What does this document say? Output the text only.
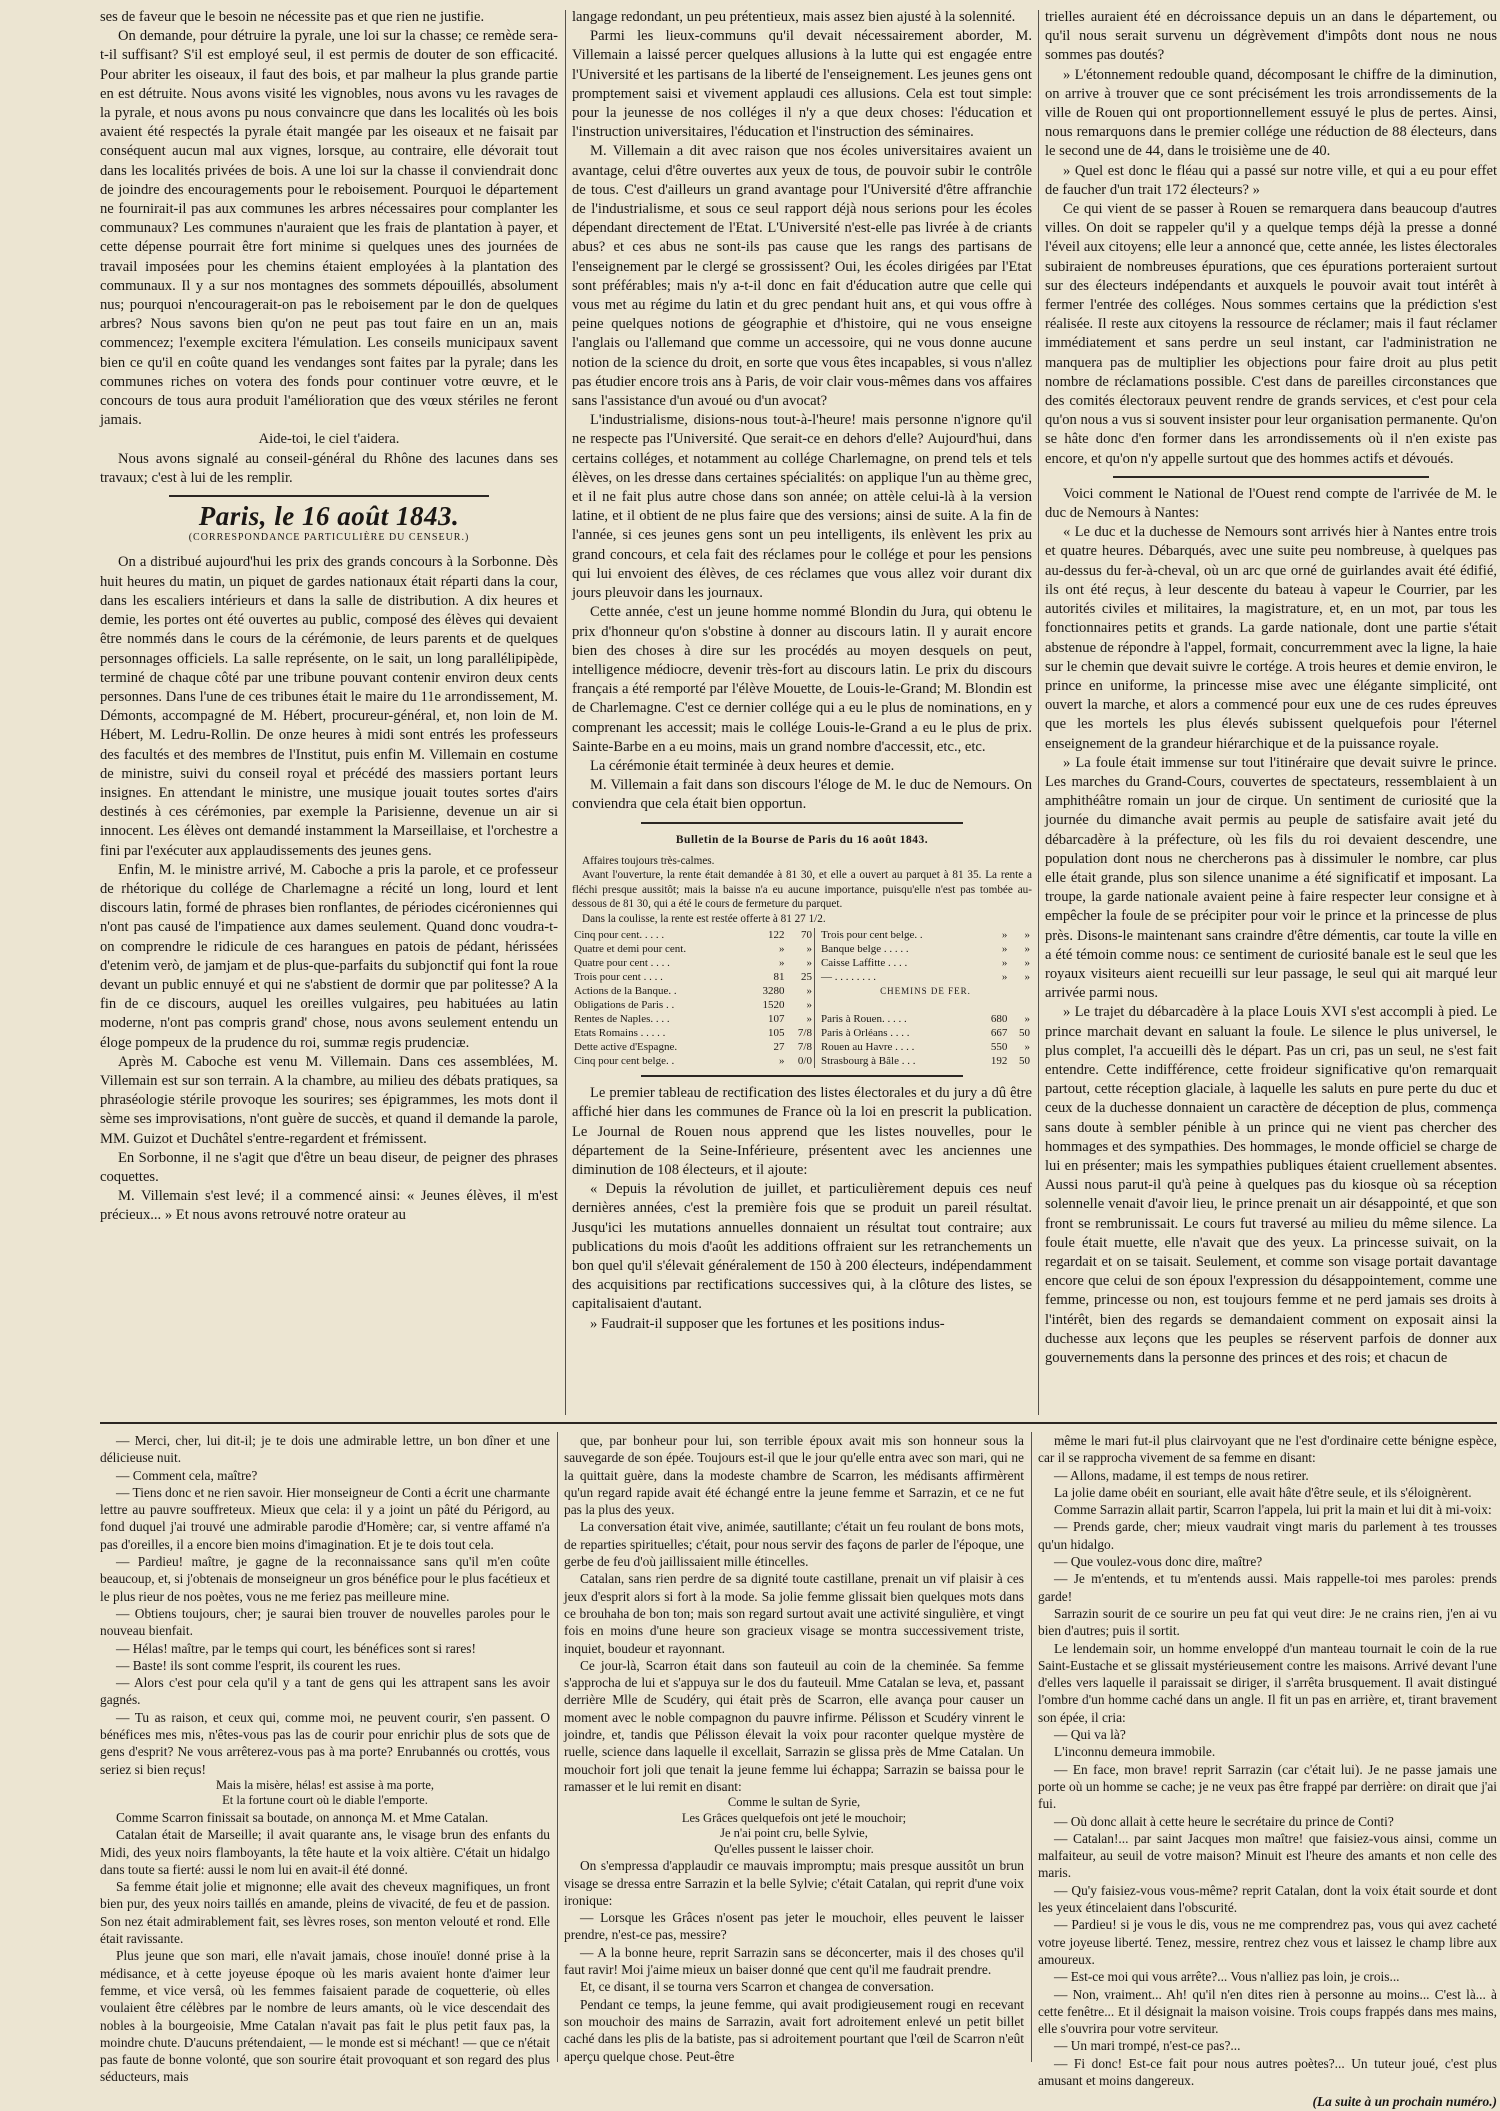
ses de faveur que le besoin ne nécessite pas et que rien ne justifie.

On demande, pour détruire la pyrale, une loi sur la chasse; ce remède sera-t-il suffisant? S'il est employé seul, il est permis de douter de son efficacité. Pour abriter les oiseaux, il faut des bois, et par malheur la plus grande partie en est détruite. Nous avons visité les vignobles, nous avons vu les ravages de la pyrale, et nous avons pu nous convaincre que dans les localités où les bois avaient été respectés la pyrale était mangée par les oiseaux et ne faisait par conséquent aucun mal aux vignes, lorsque, au contraire, elle dévorait tout dans les localités privées de bois. A une loi sur la chasse il conviendrait donc de joindre des encouragements pour le reboisement. Pourquoi le département ne fournirait-il pas aux communes les arbres nécessaires pour complanter les communaux? Les communes n'auraient que les frais de plantation à payer, et cette dépense pourrait être fort minime si quelques unes des journées de travail imposées pour les chemins étaient employées à la plantation des communaux. Il y a sur nos montagnes des sommets dépouillés, absolument nus; pourquoi n'encouragerait-on pas le reboisement par le don de quelques arbres? Nous savons bien qu'on ne peut pas tout faire en un an, mais commencez; l'exemple excitera l'émulation. Les conseils municipaux savent bien ce qu'il en coûte quand les vendanges sont faites par la pyrale; dans les communes riches on votera des fonds pour continuer votre œuvre, et le concours de tous aura produit l'amélioration que des vœux stériles ne feront jamais.

Aide-toi, le ciel t'aidera.

Nous avons signalé au conseil-général du Rhône des lacunes dans ses travaux; c'est à lui de les remplir.

Paris, le 16 août 1843.
(CORRESPONDANCE PARTICULIÈRE DU CENSEUR.)

On a distribué aujourd'hui les prix des grands concours à la Sorbonne. Dès huit heures du matin, un piquet de gardes nationaux était réparti dans la cour, dans les escaliers intérieurs et dans la salle de distribution. A dix heures et demie, les portes ont été ouvertes au public, composé des élèves qui devaient être nommés dans le cours de la cérémonie, de leurs parents et de quelques personnages officiels. La salle représente, on le sait, un long parallélipipède, terminé de chaque côté par une tribune pouvant contenir environ deux cents personnes. Dans l'une de ces tribunes était le maire du 11e arrondissement, M. Démonts, accompagné de M. Hébert, procureur-général, et, non loin de M. Hébert, M. Ledru-Rollin. De onze heures à midi sont entrés les professeurs des facultés et des membres de l'Institut, puis enfin M. Villemain en costume de ministre, suivi du conseil royal et précédé des massiers portant leurs insignes. En attendant le ministre, une musique jouait toutes sortes d'airs destinés à ces cérémonies, par exemple la Parisienne, devenue un air si innocent. Les élèves ont demandé instamment la Marseillaise, et l'orchestre a fini par l'exécuter aux applaudissements des jeunes gens.

Enfin, M. le ministre arrivé, M. Caboche a pris la parole, et ce professeur de rhétorique du collége de Charlemagne a récité un long, lourd et lent discours latin, formé de phrases bien ronflantes, de périodes cicéroniennes qui n'ont pas causé de l'impatience aux dames seulement. Quand donc voudra-t-on comprendre le ridicule de ces harangues en patois de pédant, hérissées d'etenim verò, de jamjam et de plus-que-parfaits du subjonctif qui font la roue devant un public ennuyé et qui ne s'abstient de dormir que par politesse? A la fin de ce discours, auquel les oreilles vulgaires, peu habituées au latin moderne, n'ont pas compris grand' chose, nous avons seulement entendu un éloge pompeux de la prudence du roi, summæ regis prudenciæ.

Après M. Caboche est venu M. Villemain. Dans ces assemblées, M. Villemain est sur son terrain. A la chambre, au milieu des débats pratiques, sa phraséologie stérile provoque les sourires; ses épigrammes, les mots dont il sème ses improvisations, n'ont guère de succès, et quand il demande la parole, MM. Guizot et Duchâtel s'entre-regardent et frémissent.

En Sorbonne, il ne s'agit que d'être un beau diseur, de peigner des phrases coquettes.

M. Villemain s'est levé; il a commencé ainsi: « Jeunes élèves, il m'est précieux... » Et nous avons retrouvé notre orateur au

langage redondant, un peu prétentieux, mais assez bien ajusté à la solennité.

Parmi les lieux-communs qu'il devait nécessairement aborder, M. Villemain a laissé percer quelques allusions à la lutte qui est engagée entre l'Université et les partisans de la liberté de l'enseignement. Les jeunes gens ont promptement saisi et vivement applaudi ces allusions. Cela est tout simple: pour la jeunesse de nos colléges il n'y a que deux choses: l'éducation et l'instruction universitaires, l'éducation et l'instruction des séminaires.

M. Villemain a dit avec raison que nos écoles universitaires avaient un avantage, celui d'être ouvertes aux yeux de tous, de pouvoir subir le contrôle de tous. C'est d'ailleurs un grand avantage pour l'Université d'être affranchie de l'industrialisme, et sous ce seul rapport déjà nous serions pour les écoles dépendant directement de l'Etat. L'Université n'est-elle pas livrée à de criants abus? et ces abus ne sont-ils pas cause que les rangs des partisans de l'enseignement par le clergé se grossissent? Oui, les écoles dirigées par l'Etat sont préférables; mais n'y a-t-il donc en fait d'éducation autre que celle qui vous met au régime du latin et du grec pendant huit ans, et qui vous offre à peine quelques notions de géographie et d'histoire, qui ne vous enseigne l'anglais ou l'allemand que comme un accessoire, qui ne vous donne aucune notion de la science du droit, en sorte que vous êtes incapables, si vous n'allez pas étudier encore trois ans à Paris, de voir clair vous-mêmes dans vos affaires sans l'assistance d'un avoué ou d'un avocat?

L'industrialisme, disions-nous tout-à-l'heure! mais personne n'ignore qu'il ne respecte pas l'Université. Que serait-ce en dehors d'elle? Aujourd'hui, dans certains colléges, et notamment au collége Charlemagne, on prend tels et tels élèves, on les dresse dans certaines spécialités: on applique l'un au thème grec, et il ne fait plus autre chose dans son année; on attèle celui-là à la version latine, et il obtient de ne plus faire que des versions; ainsi de suite. A la fin de l'année, si ces jeunes gens sont un peu intelligents, ils enlèvent les prix au grand concours, et cela fait des réclames pour le collége et pour les pensions qui lui envoient des élèves, de ces réclames que vous allez voir durant dix jours pleuvoir dans les journaux.

Cette année, c'est un jeune homme nommé Blondin du Jura, qui obtenu le prix d'honneur qu'on s'obstine à donner au discours latin. Il y aurait encore bien des choses à dire sur les procédés au moyen desquels on peut, intelligence médiocre, devenir très-fort au discours latin. Le prix du discours français a été remporté par l'élève Mouette, de Louis-le-Grand; M. Blondin est de Charlemagne. C'est ce dernier collége qui a eu le plus de nominations, en y comprenant les accessit; mais le collége Louis-le-Grand a eu le plus de prix. Sainte-Barbe en a eu moins, mais un grand nombre d'accessit, etc., etc.

La cérémonie était terminée à deux heures et demie.

M. Villemain a fait dans son discours l'éloge de M. le duc de Nemours. On conviendra que cela était bien opportun.

Bulletin de la Bourse de Paris du 16 août 1843.

Affaires toujours très-calmes.

Avant l'ouverture, la rente était demandée à 81 30, et elle a ouvert au parquet à 81 35. La rente a fléchi presque aussitôt; mais la baisse n'a eu aucune importance, puisqu'elle n'est pas tombée au-dessous de 81 30, qui a été le cours de fermeture du parquet.

Dans la coulisse, la rente est restée offerte à 81 27 1/2.

Cinq pour cent. . . . .	122	70		Trois pour cent belge. .	»	»
Quatre et demi pour cent.	»	»		Banque belge . . . . .	»	»
Quatre pour cent . . . .	»	»		Caisse Laffitte . . . .	»	»
Trois pour cent . . . .	81	25		— . . . . . . . .	»	»
Actions de la Banque. .	3280	»		CHEMINS DE FER.		
Obligations de Paris . .	1520	»				
Rentes de Naples. . . .	107	»		Paris à Rouen. . . . .	680	»
Etats Romains . . . . .	105	7/8		Paris à Orléans . . . .	667	50
Dette active d'Espagne.	27	7/8		Rouen au Havre . . . .	550	»
Cinq pour cent belge. .	»	0/0		Strasbourg à Bâle . . .	192	50

Le premier tableau de rectification des listes électorales et du jury a dû être affiché hier dans les communes de France où la loi en prescrit la publication. Le Journal de Rouen nous apprend que les listes nouvelles, pour le département de la Seine-Inférieure, présentent avec les anciennes une diminution de 108 électeurs, et il ajoute:

« Depuis la révolution de juillet, et particulièrement depuis ces neuf dernières années, c'est la première fois que se produit un pareil résultat. Jusqu'ici les mutations annuelles donnaient un résultat tout contraire; aux publications du mois d'août les additions offraient sur les retranchements un bon quel qu'il s'élevait généralement de 150 à 200 électeurs, indépendamment des acquisitions par rectifications successives qui, à la clôture des listes, se capitalisaient d'autant.

» Faudrait-il supposer que les fortunes et les positions indus-

trielles auraient été en décroissance depuis un an dans le département, ou qu'il nous serait survenu un dégrèvement d'impôts dont nous ne nous sommes pas doutés?

» L'étonnement redouble quand, décomposant le chiffre de la diminution, on arrive à trouver que ce sont précisément les trois arrondissements de la ville de Rouen qui ont proportionnellement essuyé le plus de pertes. Ainsi, nous remarquons dans le premier collége une réduction de 88 électeurs, dans le second une de 44, dans le troisième une de 40.

» Quel est donc le fléau qui a passé sur notre ville, et qui a eu pour effet de faucher d'un trait 172 électeurs? »

Ce qui vient de se passer à Rouen se remarquera dans beaucoup d'autres villes. On doit se rappeler qu'il y a quelque temps déjà la presse a donné l'éveil aux citoyens; elle leur a annoncé que, cette année, les listes électorales subiraient de nombreuses épurations, que ces épurations porteraient surtout sur des électeurs indépendants et auxquels le pouvoir avait tout intérêt à fermer l'entrée des colléges. Nous sommes certains que la prédiction s'est réalisée. Il reste aux citoyens la ressource de réclamer; mais il faut réclamer immédiatement et sans perdre un seul instant, car l'administration ne manquera pas de multiplier les objections pour faire droit au plus petit nombre de réclamations possible. C'est dans de pareilles circonstances que des comités électoraux peuvent rendre de grands services, et c'est pour cela qu'on nous a vus si souvent insister pour leur organisation permanente. Qu'on se hâte donc d'en former dans les arrondissements où il n'en existe pas encore, et qu'on n'y appelle surtout que des hommes actifs et dévoués.

Voici comment le National de l'Ouest rend compte de l'arrivée de M. le duc de Nemours à Nantes:

« Le duc et la duchesse de Nemours sont arrivés hier à Nantes entre trois et quatre heures. Débarqués, avec une suite peu nombreuse, à quelques pas au-dessus du fer-à-cheval, où un arc que orné de guirlandes avait été édifié, ils ont été reçus, à leur descente du bateau à vapeur le Courrier, par les autorités civiles et militaires, la magistrature, et, en un mot, par tous les fonctionnaires petits et grands. La garde nationale, dont une partie s'était abstenue de répondre à l'appel, formait, concurremment avec la ligne, la haie sur le chemin que devait suivre le cortége. A trois heures et demie environ, le prince en uniforme, la princesse mise avec une élégante simplicité, ont ouvert la marche, et alors a commencé pour eux une de ces rudes épreuves que les mortels les plus élevés subissent quelquefois pour l'éternel enseignement de la grandeur hiérarchique et de la puissance royale.

» La foule était immense sur tout l'itinéraire que devait suivre le prince. Les marches du Grand-Cours, couvertes de spectateurs, ressemblaient à un amphithéâtre romain un jour de cirque. Un sentiment de curiosité que la journée du dimanche avait permis au peuple de satisfaire avait jeté du débarcadère à la préfecture, où les fils du roi devaient descendre, une population dont nous ne chercherons pas à dissimuler le nombre, car plus elle était grande, plus son silence unanime a été significatif et imposant. La troupe, la garde nationale avaient peine à faire respecter leur consigne et à empêcher la foule de se précipiter pour voir le prince et la princesse de plus près. Disons-le maintenant sans craindre d'être démentis, car toute la ville en a été témoin comme nous: ce sentiment de curiosité banale est le seul que les royaux visiteurs aient recueilli sur leur passage, le seul qui ait marqué leur arrivée parmi nous.

» Le trajet du débarcadère à la place Louis XVI s'est accompli à pied. Le prince marchait devant en saluant la foule. Le silence le plus universel, le plus complet, l'a accueilli dès le départ. Pas un cri, pas un seul, ne s'est fait entendre. Cette indifférence, cette froideur significative qu'on remarquait partout, cette réception glaciale, à laquelle les saluts en pure perte du duc et ceux de la duchesse donnaient un caractère de déception de plus, commença sans doute à sembler pénible à un prince qui ne vient pas chercher des hommages et des sympathies. Des hommages, le monde officiel se charge de lui en présenter; mais les sympathies publiques étaient cruellement absentes. Aussi nous parut-il qu'à peine à quelques pas du kiosque où sa réception solennelle venait d'avoir lieu, le prince prenait un air désappointé, et que son front se rembrunissait. Le cours fut traversé au milieu du même silence. La foule était muette, elle n'avait que des yeux. La princesse suivait, on la regardait et on se taisait. Seulement, et comme son visage portait davantage encore que celui de son époux l'expression du désappointement, comme une femme, princesse ou non, est toujours femme et ne perd jamais ses droits à l'intérêt, bien des regards se demandaient comment on exposait ainsi la duchesse aux leçons que les peuples se réservent parfois de donner aux gouvernements dans la personne des princes et des rois; et chacun de

— Merci, cher, lui dit-il; je te dois une admirable lettre, un bon dîner et une délicieuse nuit.

— Comment cela, maître?

— Tiens donc et ne rien savoir. Hier monseigneur de Conti a écrit une charmante lettre au pauvre souffreteux. Mieux que cela: il y a joint un pâté du Périgord, au fond duquel j'ai trouvé une admirable parodie d'Homère; car, si ventre affamé n'a pas d'oreilles, il a encore bien moins d'imagination. Et je te dois tout cela.

— Pardieu! maître, je gagne de la reconnaissance sans qu'il m'en coûte beaucoup, et, si j'obtenais de monseigneur un gros bénéfice pour le plus facétieux et le plus rieur de nos poètes, vous ne me feriez pas meilleure mine.

— Obtiens toujours, cher; je saurai bien trouver de nouvelles paroles pour le nouveau bienfait.

— Hélas! maître, par le temps qui court, les bénéfices sont si rares!

— Baste! ils sont comme l'esprit, ils courent les rues.

— Alors c'est pour cela qu'il y a tant de gens qui les attrapent sans les avoir gagnés.

— Tu as raison, et ceux qui, comme moi, ne peuvent courir, s'en passent. O bénéfices mes mis, n'êtes-vous pas las de courir pour enrichir plus de sots que de gens d'esprit? Ne vous arrêterez-vous pas à ma porte? Enrubannés ou crottés, vous seriez si bien reçus!

Mais la misère, hélas! est assise à ma porte,

Et la fortune court où le diable l'emporte.

Comme Scarron finissait sa boutade, on annonça M. et Mme Catalan.

Catalan était de Marseille; il avait quarante ans, le visage brun des enfants du Midi, des yeux noirs flamboyants, la tête haute et la voix altière. C'était un hidalgo dans toute sa fierté: aussi le nom lui en avait-il été donné.

Sa femme était jolie et mignonne; elle avait des cheveux magnifiques, un front bien pur, des yeux noirs taillés en amande, pleins de vivacité, de feu et de passion. Son nez était admirablement fait, ses lèvres roses, son menton velouté et rond. Elle était ravissante.

Plus jeune que son mari, elle n'avait jamais, chose inouïe! donné prise à la médisance, et à cette joyeuse époque où les maris avaient honte d'aimer leur femme, et vice versâ, où les femmes faisaient parade de coquetterie, où elles voulaient être célèbres par le nombre de leurs amants, où le vice descendait des nobles à la bourgeoisie, Mme Catalan n'avait pas fait le plus petit faux pas, la moindre chute. D'aucuns prétendaient, — le monde est si méchant! — que ce n'était pas faute de bonne volonté, que son sourire était provoquant et son regard des plus séducteurs, mais

que, par bonheur pour lui, son terrible époux avait mis son honneur sous la sauvegarde de son épée. Toujours est-il que le jour qu'elle entra avec son mari, qui ne la quittait guère, dans la modeste chambre de Scarron, les médisants affirmèrent qu'un regard rapide avait été échangé entre la jeune femme et Sarrazin, et ce ne fut pas la plus des yeux.

La conversation était vive, animée, sautillante; c'était un feu roulant de bons mots, de reparties spirituelles; c'était, pour nous servir des façons de parler de l'époque, une gerbe de feu d'où jaillissaient mille étincelles.

Catalan, sans rien perdre de sa dignité toute castillane, prenait un vif plaisir à ces jeux d'esprit alors si fort à la mode. Sa jolie femme glissait bien quelques mots dans ce brouhaha de bon ton; mais son regard surtout avait une activité singulière, et vingt fois en moins d'une heure son gracieux visage se montra successivement triste, inquiet, boudeur et rayonnant.

Ce jour-là, Scarron était dans son fauteuil au coin de la cheminée. Sa femme s'approcha de lui et s'appuya sur le dos du fauteuil. Mme Catalan se leva, et, passant derrière Mlle de Scudéry, qui était près de Scarron, elle avança pour causer un moment avec le noble compagnon du pauvre infirme. Pélisson et Scudéry vinrent le joindre, et, tandis que Pélisson élevait la voix pour raconter quelque mystère de ruelle, science dans laquelle il excellait, Sarrazin se glissa près de Mme Catalan. Un mouchoir fort joli que tenait la jeune femme lui échappa; Sarrazin se baissa pour le ramasser et le lui remit en disant:

Comme le sultan de Syrie,

Les Grâces quelquefois ont jeté le mouchoir;

Je n'ai point cru, belle Sylvie,

Qu'elles pussent le laisser choir.

On s'empressa d'applaudir ce mauvais impromptu; mais presque aussitôt un brun visage se dressa entre Sarrazin et la belle Sylvie; c'était Catalan, qui reprit d'une voix ironique:

— Lorsque les Grâces n'osent pas jeter le mouchoir, elles peuvent le laisser prendre, n'est-ce pas, messire?

— A la bonne heure, reprit Sarrazin sans se déconcerter, mais il des choses qu'il faut ravir! Moi j'aime mieux un baiser donné que cent qu'il me faudrait prendre.

Et, ce disant, il se tourna vers Scarron et changea de conversation.

Pendant ce temps, la jeune femme, qui avait prodigieusement rougi en recevant son mouchoir des mains de Sarrazin, avait fort adroitement enlevé un petit billet caché dans les plis de la batiste, pas si adroitement pourtant que l'œil de Scarron n'eût aperçu quelque chose. Peut-être

même le mari fut-il plus clairvoyant que ne l'est d'ordinaire cette bénigne espèce, car il se rapprocha vivement de sa femme en disant:

— Allons, madame, il est temps de nous retirer.

La jolie dame obéit en souriant, elle avait hâte d'être seule, et ils s'éloignèrent.

Comme Sarrazin allait partir, Scarron l'appela, lui prit la main et lui dit à mi-voix:

— Prends garde, cher; mieux vaudrait vingt maris du parlement à tes trousses qu'un hidalgo.

— Que voulez-vous donc dire, maître?

— Je m'entends, et tu m'entends aussi. Mais rappelle-toi mes paroles: prends garde!

Sarrazin sourit de ce sourire un peu fat qui veut dire: Je ne crains rien, j'en ai vu bien d'autres; puis il sortit.

Le lendemain soir, un homme enveloppé d'un manteau tournait le coin de la rue Saint-Eustache et se glissait mystérieusement contre les maisons. Arrivé devant l'une d'elles vers laquelle il paraissait se diriger, il s'arrêta brusquement. Il avait distingué l'ombre d'un homme caché dans un angle. Il fit un pas en arrière, et, tirant bravement son épée, il cria:

— Qui va là?

L'inconnu demeura immobile.

— En face, mon brave! reprit Sarrazin (car c'était lui). Je ne passe jamais une porte où un homme se cache; je ne veux pas être frappé par derrière: on dirait que j'ai fui.

— Où donc allait à cette heure le secrétaire du prince de Conti?

— Catalan!... par saint Jacques mon maître! que faisiez-vous ainsi, comme un malfaiteur, au seuil de votre maison? Minuit est l'heure des amants et non celle des maris.

— Qu'y faisiez-vous vous-même? reprit Catalan, dont la voix était sourde et dont les yeux étincelaient dans l'obscurité.

— Pardieu! si je vous le dis, vous ne me comprendrez pas, vous qui avez cacheté votre joyeuse liberté. Tenez, messire, rentrez chez vous et laissez le champ libre aux amoureux.

— Est-ce moi qui vous arrête?... Vous n'alliez pas loin, je crois...

— Non, vraiment... Ah! qu'il n'en dites rien à personne au moins... C'est là... à cette fenêtre... Et il désignait la maison voisine. Trois coups frappés dans mes mains, elle s'ouvrira pour votre serviteur.

— Un mari trompé, n'est-ce pas?...

— Fi donc! Est-ce fait pour nous autres poètes?... Un tuteur joué, c'est plus amusant et moins dangereux.

(La suite à un prochain numéro.)
